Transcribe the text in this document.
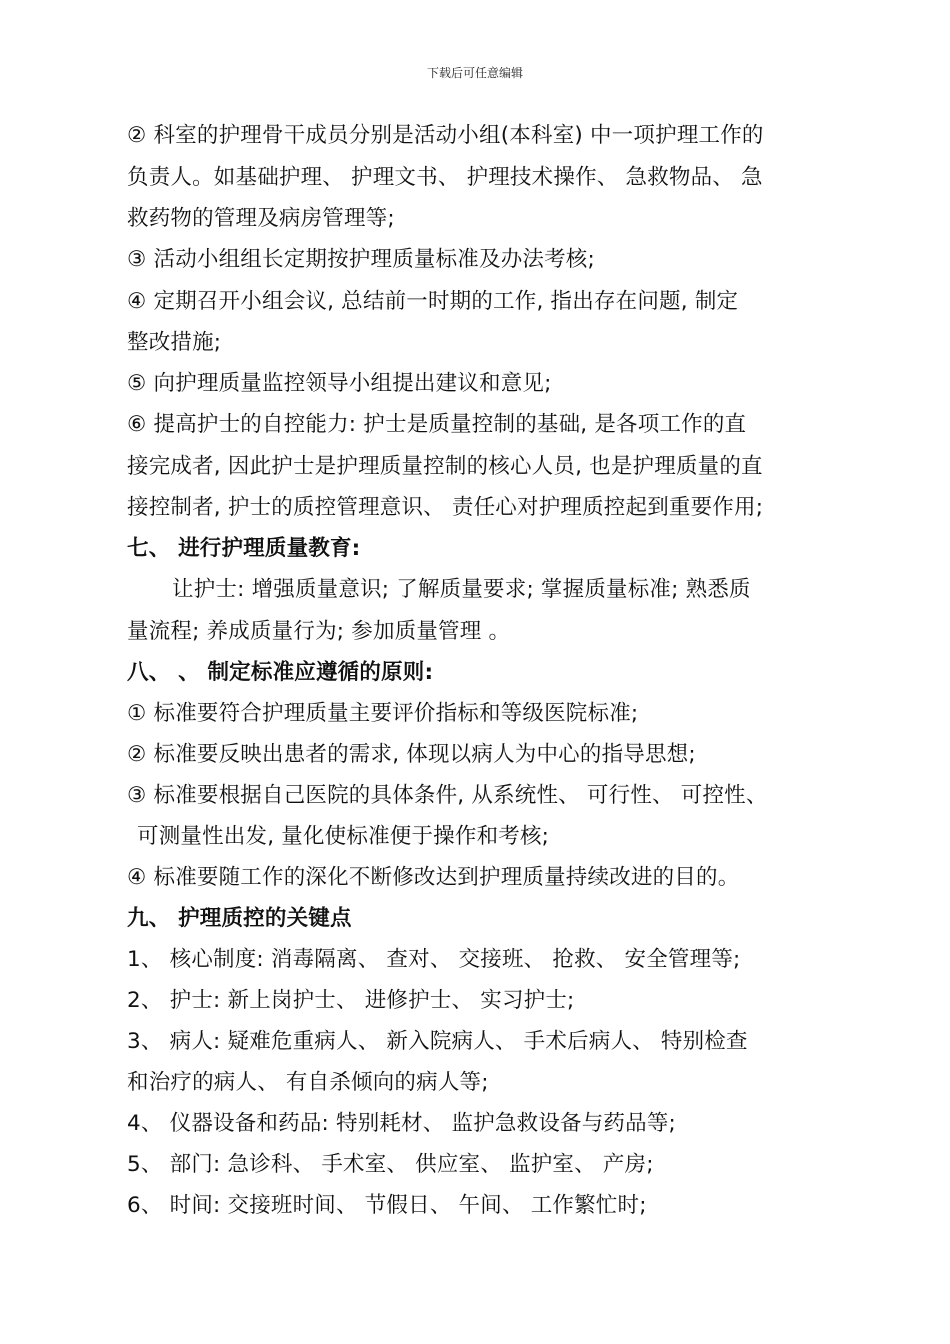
下载后可任意编辑
② 科室的护理骨干成员分别是活动小组(本科室) 中一项护理工作的
负责人。如基础护理、 护理文书、 护理技术操作、 急救物品、 急
救药物的管理及病房管理等;
③ 活动小组组长定期按护理质量标准及办法考核;
④ 定期召开小组会议, 总结前一时期的工作, 指出存在问题, 制定
整改措施;
⑤ 向护理质量监控领导小组提出建议和意见;
⑥ 提高护士的自控能力: 护士是质量控制的基础, 是各项工作的直
接完成者, 因此护士是护理质量控制的核心人员, 也是护理质量的直
接控制者, 护士的质控管理意识、 责任心对护理质控起到重要作用;
七、 进行护理质量教育:
让护士: 增强质量意识; 了解质量要求; 掌握质量标准; 熟悉质
量流程; 养成质量行为; 参加质量管理 。
八、 、 制定标准应遵循的原则:
① 标准要符合护理质量主要评价指标和等级医院标准;
② 标准要反映出患者的需求, 体现以病人为中心的指导思想;
③ 标准要根据自己医院的具体条件, 从系统性、 可行性、 可控性、
可测量性出发, 量化使标准便于操作和考核;
④ 标准要随工作的深化不断修改达到护理质量持续改进的目的。
九、 护理质控的关键点
1、 核心制度: 消毒隔离、 查对、 交接班、 抢救、 安全管理等;
2、 护士: 新上岗护士、 进修护士、 实习护士;
3、 病人: 疑难危重病人、 新入院病人、 手术后病人、 特别检查
和治疗的病人、 有自杀倾向的病人等;
4、 仪器设备和药品: 特别耗材、 监护急救设备与药品等;
5、 部门: 急诊科、 手术室、 供应室、 监护室、 产房;
6、 时间: 交接班时间、 节假日、 午间、 工作繁忙时;
